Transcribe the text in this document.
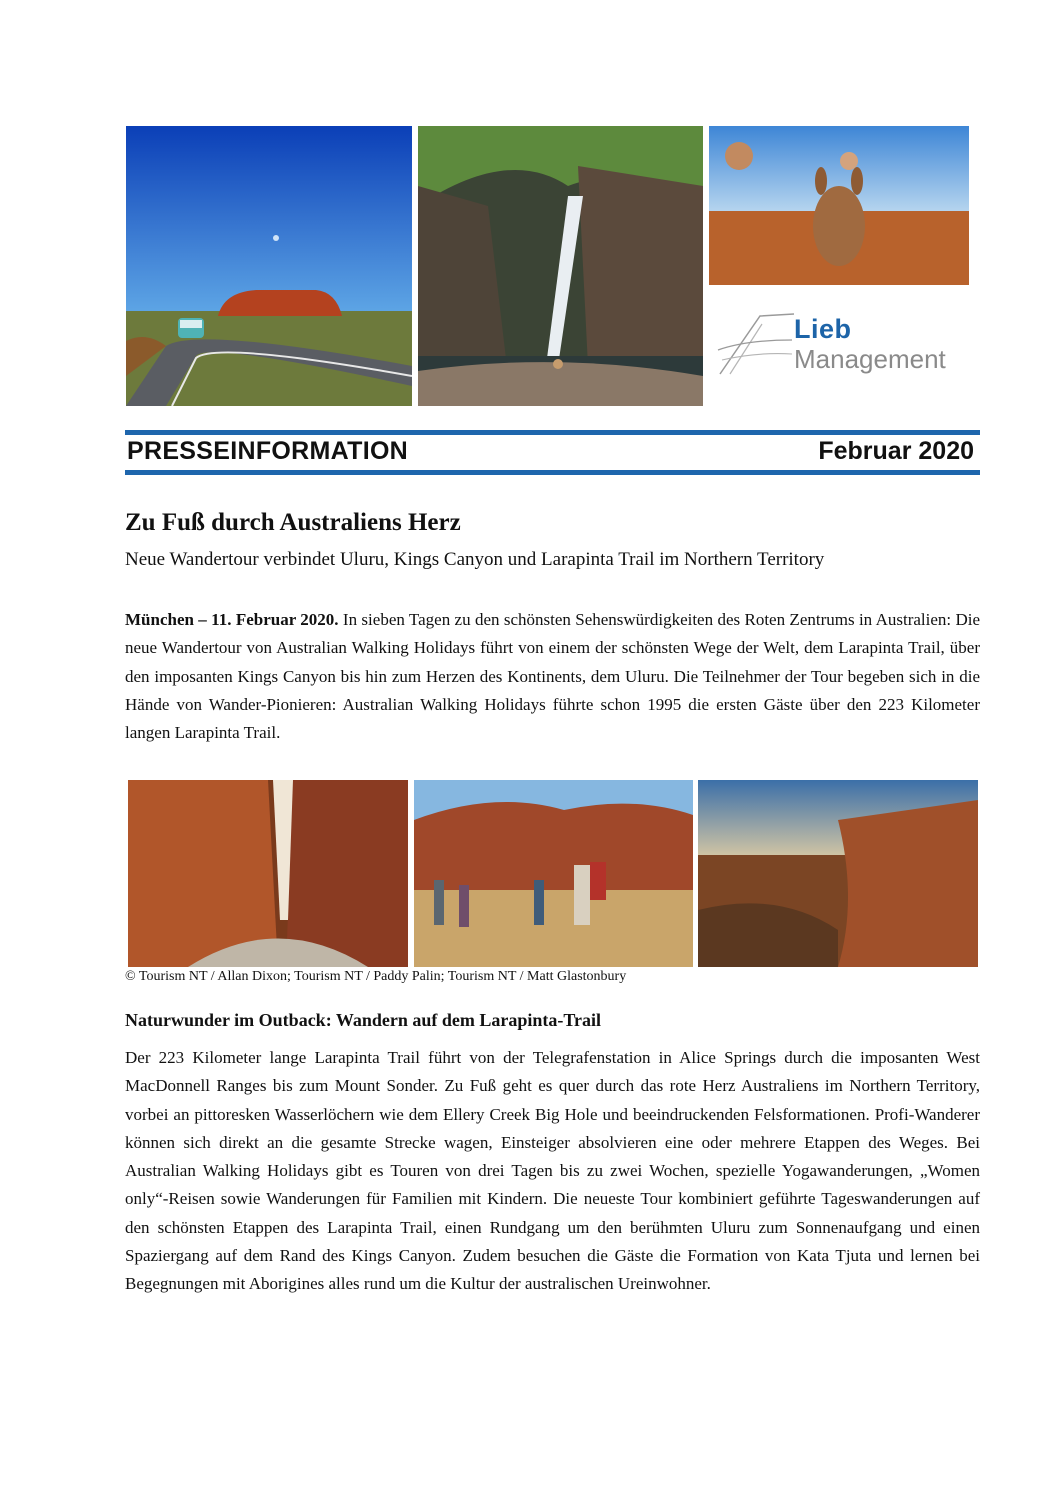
Lieb
Management
PRESSEINFORMATION	Februar 2020
Zu Fuß durch Australiens Herz
Neue Wandertour verbindet Uluru, Kings Canyon und Larapinta Trail im Northern Territory
München – 11. Februar 2020. In sieben Tagen zu den schönsten Sehenswürdigkeiten des Roten Zentrums in Australien: Die neue Wandertour von Australian Walking Holidays führt von einem der schönsten Wege der Welt, dem Larapinta Trail, über den imposanten Kings Canyon bis hin zum Herzen des Kontinents, dem Uluru. Die Teilnehmer der Tour begeben sich in die Hände von Wander-Pionieren: Australian Walking Holidays führte schon 1995 die ersten Gäste über den 223 Kilometer langen Larapinta Trail.
© Tourism NT / Allan Dixon; Tourism NT / Paddy Palin; Tourism NT / Matt Glastonbury
Naturwunder im Outback: Wandern auf dem Larapinta-Trail
Der 223 Kilometer lange Larapinta Trail führt von der Telegrafenstation in Alice Springs durch die imposanten West MacDonnell Ranges bis zum Mount Sonder. Zu Fuß geht es quer durch das rote Herz Australiens im Northern Territory, vorbei an pittoresken Wasserlöchern wie dem Ellery Creek Big Hole und beeindruckenden Felsformationen. Profi-Wanderer können sich direkt an die gesamte Strecke wagen, Einsteiger absolvieren eine oder mehrere Etappen des Weges. Bei Australian Walking Holidays gibt es Touren von drei Tagen bis zu zwei Wochen, spezielle Yogawanderungen, „Women only“-Reisen sowie Wanderungen für Familien mit Kindern. Die neueste Tour kombiniert geführte Tageswanderungen auf den schönsten Etappen des Larapinta Trail, einen Rundgang um den berühmten Uluru zum Sonnenaufgang und einen Spaziergang auf dem Rand des Kings Canyon. Zudem besuchen die Gäste die Formation von Kata Tjuta und lernen bei Begegnungen mit Aborigines alles rund um die Kultur der australischen Ureinwohner.
